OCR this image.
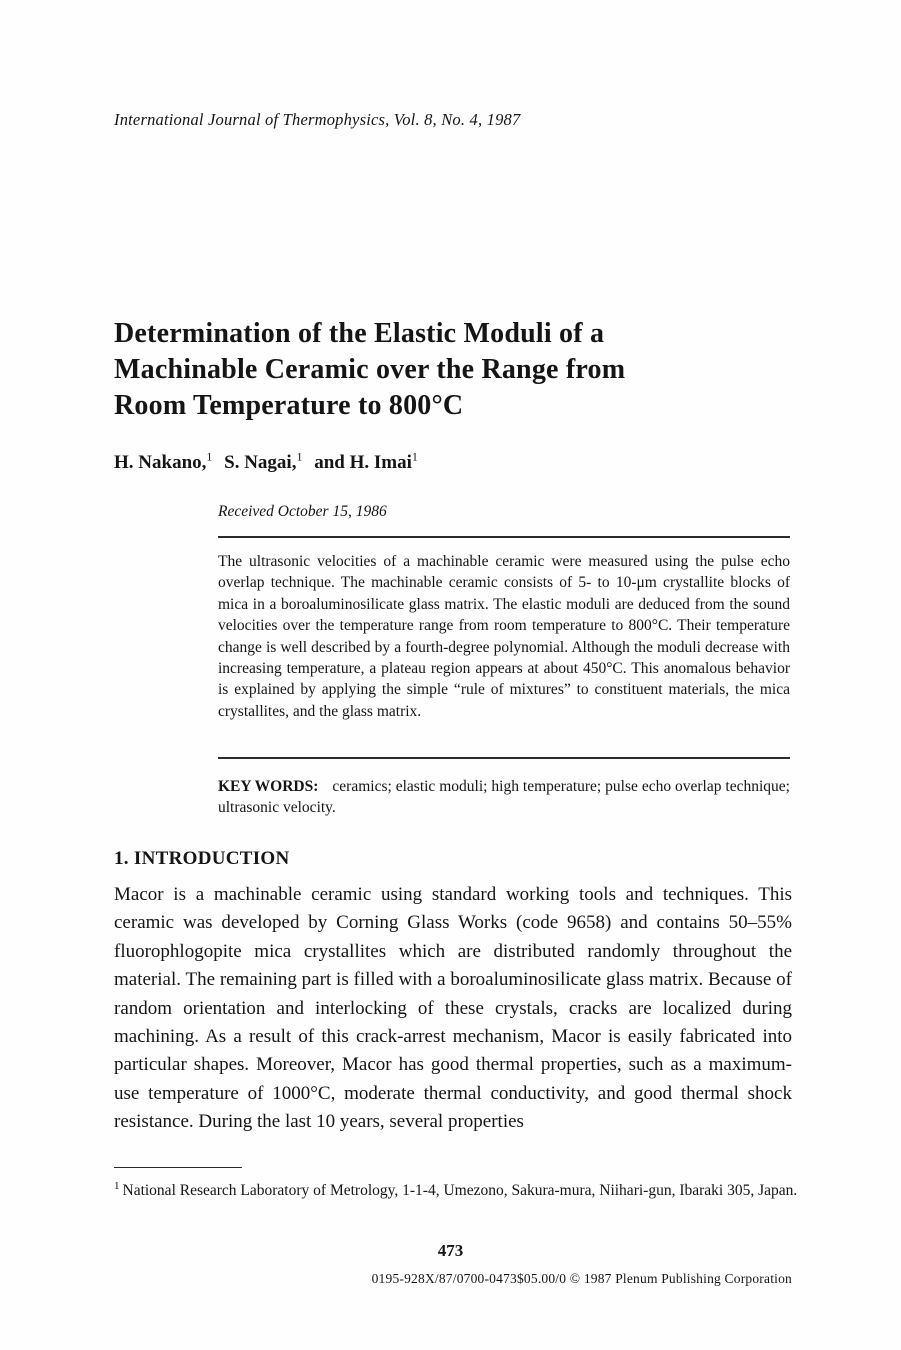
International Journal of Thermophysics, Vol. 8, No. 4, 1987
Determination of the Elastic Moduli of a
Machinable Ceramic over the Range from
Room Temperature to 800°C
H. Nakano,$^1$ S. Nagai,$^1$ and H. Imai$^1$
Received October 15, 1986
The ultrasonic velocities of a machinable ceramic were measured using the pulse echo overlap technique. The machinable ceramic consists of 5- to 10-μm crystallite blocks of mica in a boroaluminosilicate glass matrix. The elastic moduli are deduced from the sound velocities over the temperature range from room temperature to 800°C. Their temperature change is well described by a fourth-degree polynomial. Although the moduli decrease with increasing temperature, a plateau region appears at about 450°C. This anomalous behavior is explained by applying the simple “rule of mixtures” to constituent materials, the mica crystallites, and the glass matrix.
KEY WORDS: ceramics; elastic moduli; high temperature; pulse echo overlap technique; ultrasonic velocity.
1. INTRODUCTION
Macor is a machinable ceramic using standard working tools and techniques. This ceramic was developed by Corning Glass Works (code 9658) and contains 50–55% fluorophlogopite mica crystallites which are distributed randomly throughout the material. The remaining part is filled with a boroaluminosilicate glass matrix. Because of random orientation and interlocking of these crystals, cracks are localized during machining. As a result of this crack-arrest mechanism, Macor is easily fabricated into particular shapes. Moreover, Macor has good thermal properties, such as a maximum-use temperature of 1000°C, moderate thermal conductivity, and good thermal shock resistance. During the last 10 years, several properties
$^1$ National Research Laboratory of Metrology, 1-1-4, Umezono, Sakura-mura, Niihari-gun, Ibaraki 305, Japan.
473
0195-928X/87/0700-0473$05.00/0 © 1987 Plenum Publishing Corporation
